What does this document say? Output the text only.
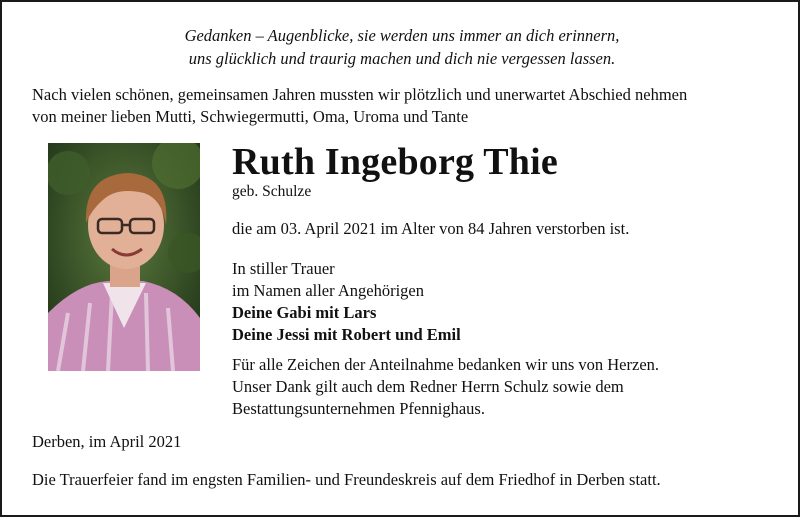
Gedanken – Augenblicke, sie werden uns immer an dich erinnern,
uns glücklich und traurig machen und dich nie vergessen lassen.
Nach vielen schönen, gemeinsamen Jahren mussten wir plötzlich und unerwartet Abschied nehmen
von meiner lieben Mutti, Schwiegermutti, Oma, Uroma und Tante
Ruth Ingeborg Thie
geb. Schulze
die am 03. April 2021 im Alter von 84 Jahren verstorben ist.
In stiller Trauer
im Namen aller Angehörigen
Deine Gabi mit Lars
Deine Jessi mit Robert und Emil
Für alle Zeichen der Anteilnahme bedanken wir uns von Herzen.
Unser Dank gilt auch dem Redner Herrn Schulz sowie dem
Bestattungsunternehmen Pfennighaus.
Derben, im April 2021
Die Trauerfeier fand im engsten Familien- und Freundeskreis auf dem Friedhof in Derben statt.
